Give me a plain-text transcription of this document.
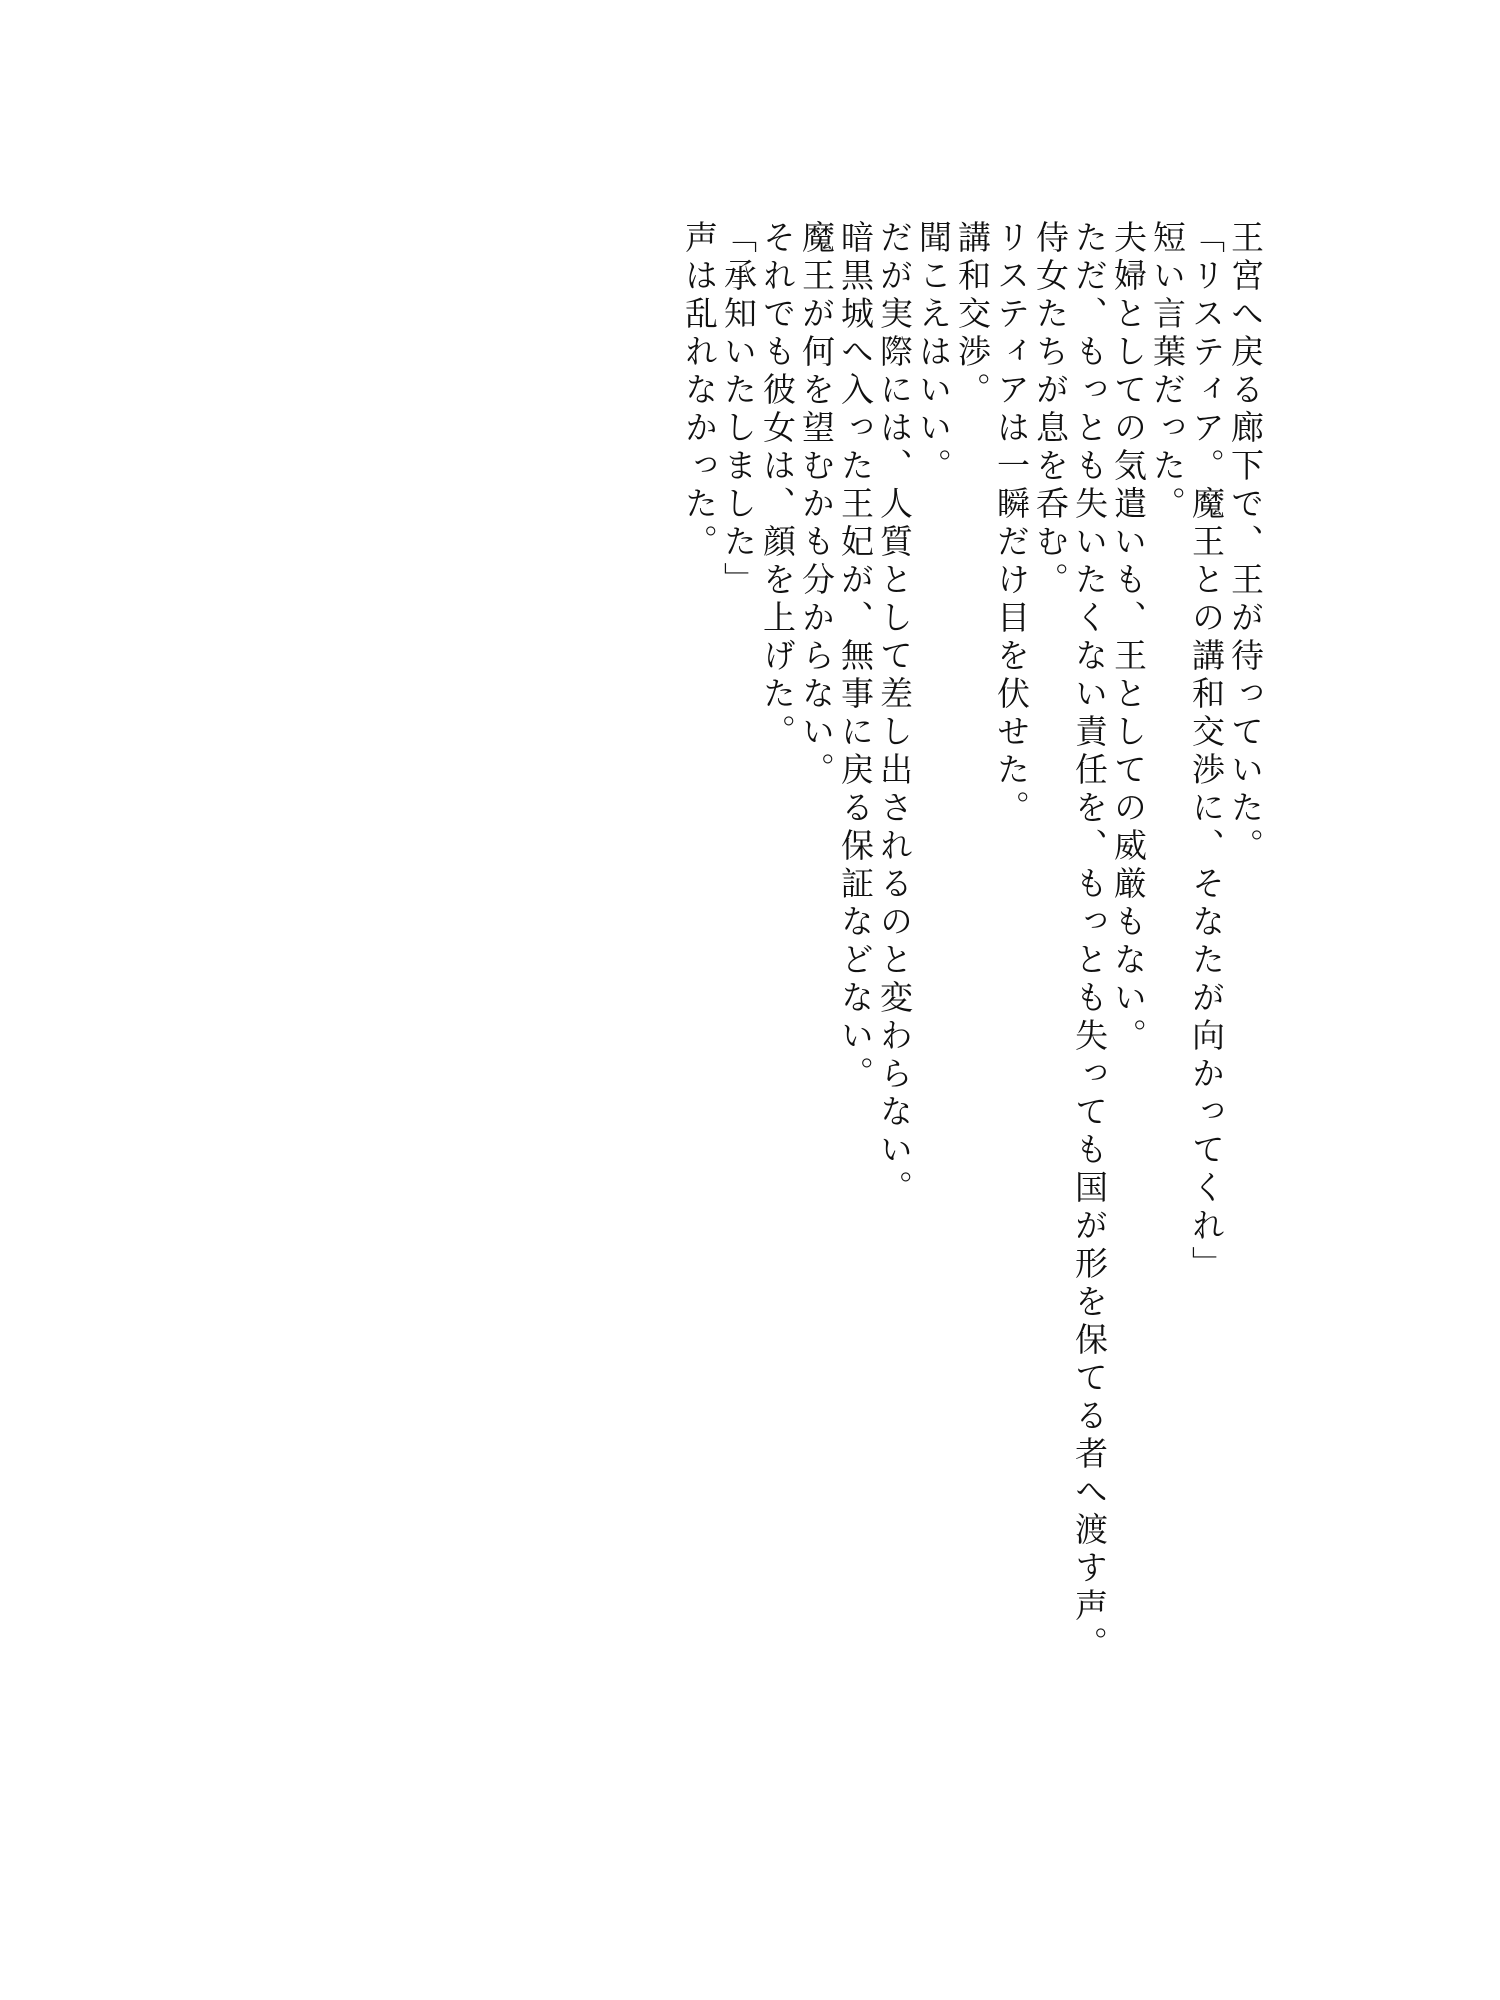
王宮へ戻る廊下で、王が待っていた。

「リスティア。魔王との講和交渉に、そなたが向かってくれ」

短い言葉だった。

夫婦としての気遣いも、王としての威厳もない。

ただ、もっとも失いたくない責任を、もっとも失っても国が形を保てる者へ渡す声。

侍女たちが息を呑む。

リスティアは一瞬だけ目を伏せた。

講和交渉。

聞こえはいい。

だが実際には、人質として差し出されるのと変わらない。

暗黒城へ入った王妃が、無事に戻る保証などない。

魔王が何を望むかも分からない。

それでも彼女は、顔を上げた。

「承知いたしました」

声は乱れなかった。
